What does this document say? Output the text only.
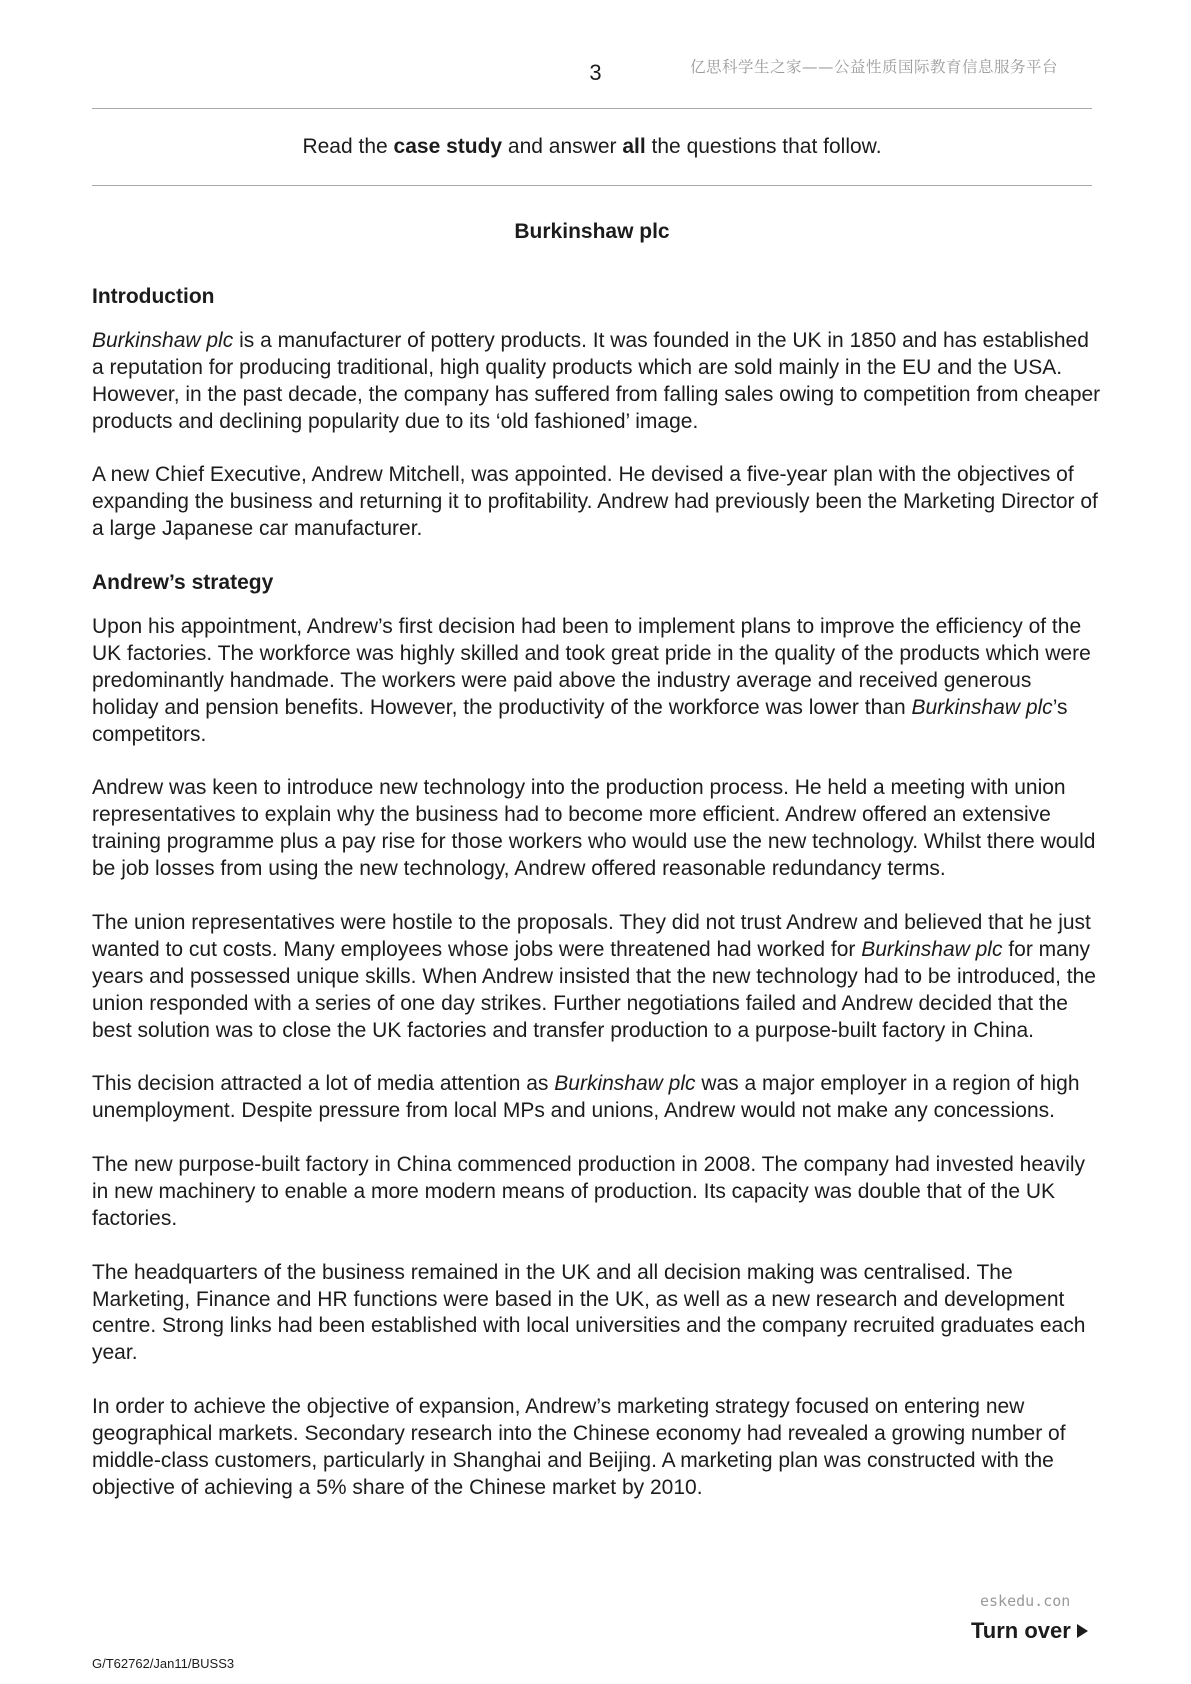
3	亿思科学生之家——公益性质国际教育信息服务平台
Read the case study and answer all the questions that follow.
Burkinshaw plc
Introduction

Burkinshaw plc is a manufacturer of pottery products. It was founded in the UK in 1850 and has established a reputation for producing traditional, high quality products which are sold mainly in the EU and the USA. However, in the past decade, the company has suffered from falling sales owing to competition from cheaper products and declining popularity due to its ‘old fashioned’ image.

A new Chief Executive, Andrew Mitchell, was appointed. He devised a five-year plan with the objectives of expanding the business and returning it to profitability. Andrew had previously been the Marketing Director of a large Japanese car manufacturer.

Andrew’s strategy

Upon his appointment, Andrew’s first decision had been to implement plans to improve the efficiency of the UK factories. The workforce was highly skilled and took great pride in the quality of the products which were predominantly handmade. The workers were paid above the industry average and received generous holiday and pension benefits. However, the productivity of the workforce was lower than Burkinshaw plc’s competitors.

Andrew was keen to introduce new technology into the production process. He held a meeting with union representatives to explain why the business had to become more efficient. Andrew offered an extensive training programme plus a pay rise for those workers who would use the new technology. Whilst there would be job losses from using the new technology, Andrew offered reasonable redundancy terms.

The union representatives were hostile to the proposals. They did not trust Andrew and believed that he just wanted to cut costs. Many employees whose jobs were threatened had worked for Burkinshaw plc for many years and possessed unique skills. When Andrew insisted that the new technology had to be introduced, the union responded with a series of one day strikes. Further negotiations failed and Andrew decided that the best solution was to close the UK factories and transfer production to a purpose-built factory in China.

This decision attracted a lot of media attention as Burkinshaw plc was a major employer in a region of high unemployment. Despite pressure from local MPs and unions, Andrew would not make any concessions.

The new purpose-built factory in China commenced production in 2008. The company had invested heavily in new machinery to enable a more modern means of production. Its capacity was double that of the UK factories.

The headquarters of the business remained in the UK and all decision making was centralised. The Marketing, Finance and HR functions were based in the UK, as well as a new research and development centre. Strong links had been established with local universities and the company recruited graduates each year.

In order to achieve the objective of expansion, Andrew’s marketing strategy focused on entering new geographical markets. Secondary research into the Chinese economy had revealed a growing number of middle-class customers, particularly in Shanghai and Beijing. A marketing plan was constructed with the objective of achieving a 5% share of the Chinese market by 2010.

eskedu.con
Turn over
G/T62762/Jan11/BUSS3
